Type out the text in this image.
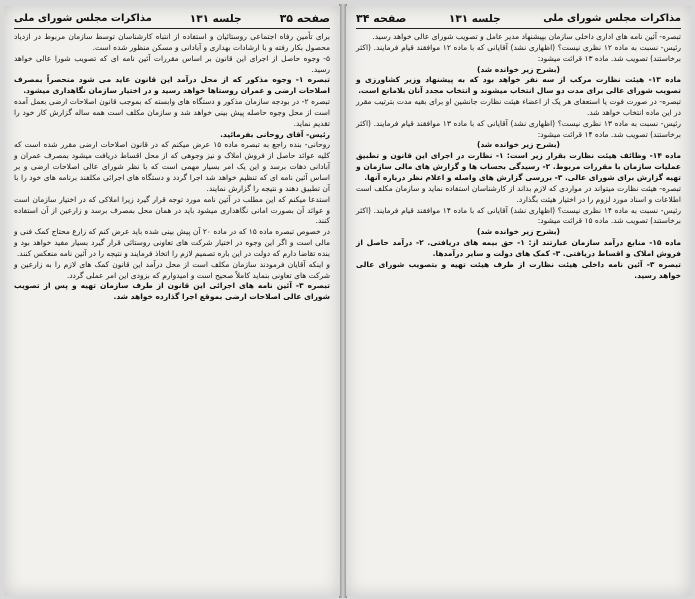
صفحه ۳۵
جلسه ۱۳۱
مذاکرات مجلس شورای ملی

برای تأمین رفاه اجتماعی روستائیان و استفاده از انتباه کارشناسان توسط سازمان مربوط در ازدیاد محصول بکار رفته و با ارشادات بهداری و آبادانی و مسکن منظور شده است.

۵- وجوه حاصل از اجرای این قانون بر اساس مقررات آئین نامه ای که تصویب شورا عالی خواهد رسید.

تبصره ۱- وجوه مذکور که از محل درآمد این قانون عاید می شود منحصراً بمصرف اصلاحات ارضی و عمران روستاها خواهد رسید و در اختیار سازمان نگاهداری میشود.

تبصره ۲- در بودجه سازمان مذکور و دستگاه های وابسته که بموجب قانون اصلاحات ارضی بعمل آمده است از محل وجوه حاصله پیش بینی خواهد شد و سازمان مکلف است همه ساله گزارش کار خود را تقدیم نماید.

رئیس- آقای روحانی بفرمائید.

روحانی- بنده راجع به تبصره ماده ۱۵ عرض میکنم که در قانون اصلاحات ارضی مقرر شده است که کلیه عوائد حاصل از فروش املاک و نیز وجوهی که از محل اقساط دریافت میشود بمصرف عمران و آبادانی دهات برسد و این یک امر بسیار مهمی است که با نظر شورای عالی اصلاحات ارضی و بر اساس آئین نامه ای که تنظیم خواهد شد اجرا گردد و دستگاه های اجرائی مکلفند برنامه های خود را با آن تطبیق دهند و نتیجه را گزارش نمایند.

استدعا میکنم که این مطلب در آئین نامه مورد توجه قرار گیرد زیرا املاکی که در اختیار سازمان است و عوائد آن بصورت امانی نگاهداری میشود باید در همان محل بمصرف برسد و زارعین از آن استفاده کنند.

در خصوص تبصره ماده ۱۵ که در ماده ۲۰ آن پیش بینی شده باید عرض کنم که زارع محتاج کمک فنی و مالی است و اگر این وجوه در اختیار شرکت های تعاونی روستائی قرار گیرد بسیار مفید خواهد بود و بنده تقاضا دارم که دولت در این باره تصمیم لازم را اتخاذ فرمایند و نتیجه را در آئین نامه منعکس کنند.

و اینکه آقایان فرمودند سازمان مکلف است از محل درآمد این قانون کمک های لازم را به زارعین و شرکت های تعاونی بنماید کاملاً صحیح است و امیدوارم که بزودی این امر عملی گردد.

تبصره ۳- آئین نامه های اجرائی این قانون از طرف سازمان تهیه و پس از تصویب شورای عالی اصلاحات ارضی بموقع اجرا گذارده خواهد شد.

مذاکرات مجلس شورای ملی
جلسه ۱۳۱
صفحه ۳۴

تبصره- آئین نامه های اداری داخلی سازمان بپیشنهاد مدیر عامل و تصویب شورای عالی خواهد رسید.

رئیس- نسبت به ماده ۱۲ نظری نیست؟ (اظهاری نشد) آقایانی که با ماده ۱۲ موافقند قیام فرمایند. (اکثر برخاستند) تصویب شد. ماده ۱۳ قرائت میشود:

(بشرح زیر خوانده شد)

ماده ۱۳- هیئت نظارت مرکب از سه نفر خواهد بود که به پیشنهاد وزیر کشاورزی و تصویب شورای عالی برای مدت دو سال انتخاب میشوند و انتخاب مجدد آنان بلامانع است.

تبصره- در صورت فوت یا استعفای هر یک از اعضاء هیئت نظارت جانشین او برای بقیه مدت بترتیب مقرر در این ماده انتخاب خواهد شد.

رئیس- نسبت به ماده ۱۳ نظری نیست؟ (اظهاری نشد) آقایانی که با ماده ۱۳ موافقند قیام فرمایند. (اکثر برخاستند) تصویب شد. ماده ۱۴ قرائت میشود:

(بشرح زیر خوانده شد)

ماده ۱۴- وظائف هیئت نظارت بقرار زیر است: ۱- نظارت در اجرای این قانون و تطبیق عملیات سازمان با مقررات مربوط. ۲- رسیدگی بحساب ها و گزارش های مالی سازمان و تهیه گزارش برای شورای عالی. ۳- بررسی گزارش های واصله و اعلام نظر درباره آنها.

تبصره- هیئت نظارت میتواند در مواردی که لازم بداند از کارشناسان استفاده نماید و سازمان مکلف است اطلاعات و اسناد مورد لزوم را در اختیار هیئت بگذارد.

رئیس- نسبت به ماده ۱۴ نظری نیست؟ (اظهاری نشد) آقایانی که با ماده ۱۴ موافقند قیام فرمایند. (اکثر برخاستند) تصویب شد. ماده ۱۵ قرائت میشود:

(بشرح زیر خوانده شد)

ماده ۱۵- منابع درآمد سازمان عبارتند از: ۱- حق بیمه های دریافتی. ۲- درآمد حاصل از فروش املاک و اقساط دریافتی. ۳- کمک های دولت و سایر درآمدها.

تبصره ۳- آئین نامه داخلی هیئت نظارت از طرف هیئت تهیه و بتصویب شورای عالی خواهد رسید.
